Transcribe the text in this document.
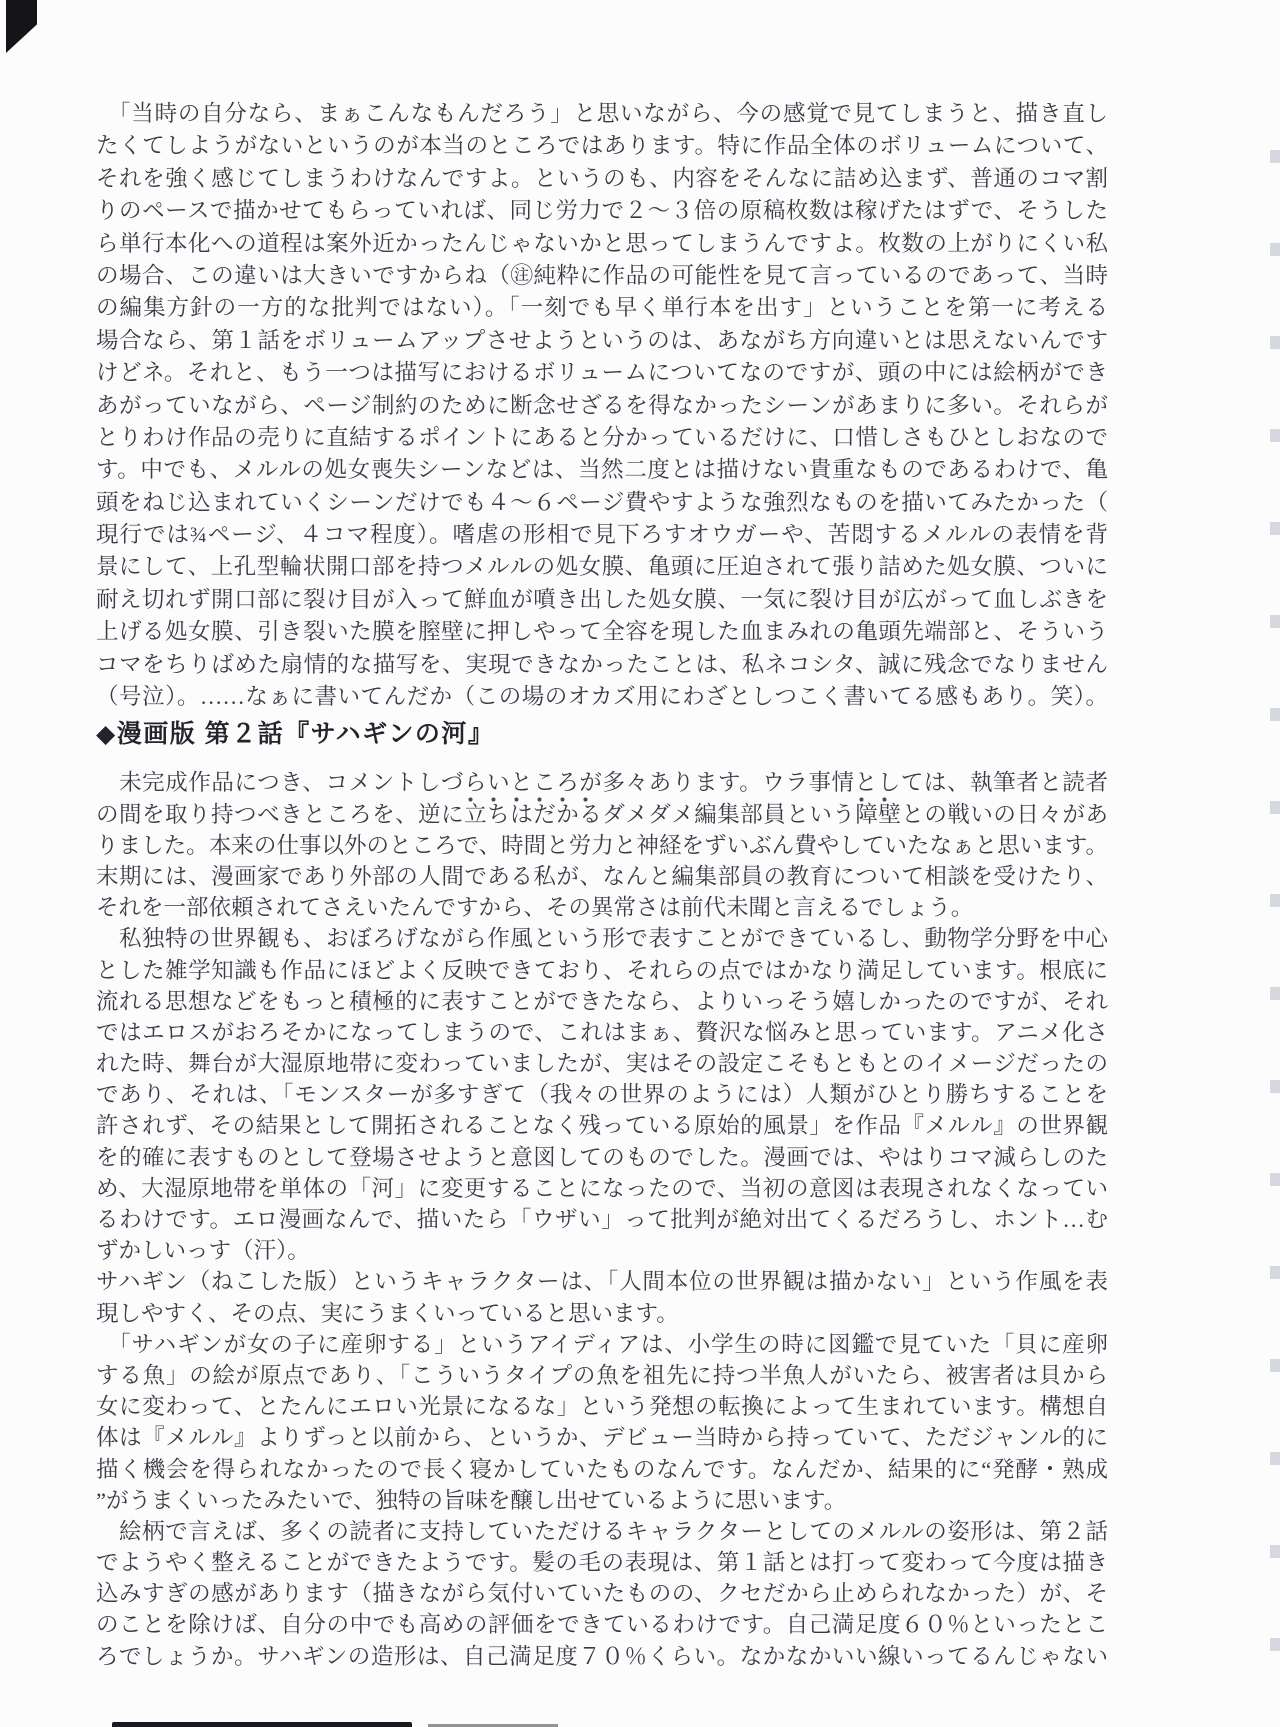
　「当時の自分なら、まぁこんなもんだろう」と思いながら、今の感覚で見てしまうと、描き直し
たくてしようがないというのが本当のところではあります。特に作品全体のボリュームについて、
それを強く感じてしまうわけなんですよ。というのも、内容をそんなに詰め込まず、普通のコマ割
りのペースで描かせてもらっていれば、同じ労力で２～３倍の原稿枚数は稼げたはずで、そうした
ら単行本化への道程は案外近かったんじゃないかと思ってしまうんですよ。枚数の上がりにくい私
の場合、この違いは大きいですからね（㊟純粋に作品の可能性を見て言っているのであって、当時
の編集方針の一方的な批判ではない）。「一刻でも早く単行本を出す」ということを第一に考える
場合なら、第１話をボリュームアップさせようというのは、あながち方向違いとは思えないんです
けどネ。それと、もう一つは描写におけるボリュームについてなのですが、頭の中には絵柄ができ
あがっていながら、ページ制約のために断念せざるを得なかったシーンがあまりに多い。それらが
とりわけ作品の売りに直結するポイントにあると分かっているだけに、口惜しさもひとしおなので
す。中でも、メルルの処女喪失シーンなどは、当然二度とは描けない貴重なものであるわけで、亀
頭をねじ込まれていくシーンだけでも４～６ページ費やすような強烈なものを描いてみたかった（
現行では¾ページ、４コマ程度）。嗜虐の形相で見下ろすオウガーや、苦悶するメルルの表情を背
景にして、上孔型輪状開口部を持つメルルの処女膜、亀頭に圧迫されて張り詰めた処女膜、ついに
耐え切れず開口部に裂け目が入って鮮血が噴き出した処女膜、一気に裂け目が広がって血しぶきを
上げる処女膜、引き裂いた膜を膣壁に押しやって全容を現した血まみれの亀頭先端部と、そういう
コマをちりばめた扇情的な描写を、実現できなかったことは、私ネコシタ、誠に残念でなりません
（号泣）。……なぁに書いてんだか（この場のオカズ用にわざとしつこく書いてる感もあり。笑）。
◆漫画版 第２話『サハギンの河』
　未完成作品につき、コメントしづらいところが多々あります。ウラ事情としては、執筆者と読者
の間を取り持つべきところを、逆に立ちはだかるダメダメ編集部員という障壁との戦いの日々があ
りました。本来の仕事以外のところで、時間と労力と神経をずいぶん費やしていたなぁと思います。
末期には、漫画家であり外部の人間である私が、なんと編集部員の教育について相談を受けたり、
それを一部依頼されてさえいたんですから、その異常さは前代未聞と言えるでしょう。
　私独特の世界観も、おぼろげながら作風という形で表すことができているし、動物学分野を中心
とした雑学知識も作品にほどよく反映できており、それらの点ではかなり満足しています。根底に
流れる思想などをもっと積極的に表すことができたなら、よりいっそう嬉しかったのですが、それ
ではエロスがおろそかになってしまうので、これはまぁ、贅沢な悩みと思っています。アニメ化さ
れた時、舞台が大湿原地帯に変わっていましたが、実はその設定こそもともとのイメージだったの
であり、それは、「モンスターが多すぎて（我々の世界のようには）人類がひとり勝ちすることを
許されず、その結果として開拓されることなく残っている原始的風景」を作品『メルル』の世界観
を的確に表すものとして登場させようと意図してのものでした。漫画では、やはりコマ減らしのた
め、大湿原地帯を単体の「河」に変更することになったので、当初の意図は表現されなくなってい
るわけです。エロ漫画なんで、描いたら「ウザい」って批判が絶対出てくるだろうし、ホント…む
ずかしいっす（汗）。
サハギン（ねこした版）というキャラクターは、「人間本位の世界観は描かない」という作風を表
現しやすく、その点、実にうまくいっていると思います。
　「サハギンが女の子に産卵する」というアイディアは、小学生の時に図鑑で見ていた「貝に産卵
する魚」の絵が原点であり、「こういうタイプの魚を祖先に持つ半魚人がいたら、被害者は貝から
女に変わって、とたんにエロい光景になるな」という発想の転換によって生まれています。構想自
体は『メルル』よりずっと以前から、というか、デビュー当時から持っていて、ただジャンル的に
描く機会を得られなかったので長く寝かしていたものなんです。なんだか、結果的に“発酵・熟成
”がうまくいったみたいで、独特の旨味を醸し出せているように思います。
　絵柄で言えば、多くの読者に支持していただけるキャラクターとしてのメルルの姿形は、第２話
でようやく整えることができたようです。髪の毛の表現は、第１話とは打って変わって今度は描き
込みすぎの感があります（描きながら気付いていたものの、クセだから止められなかった）が、そ
のことを除けば、自分の中でも高めの評価をできているわけです。自己満足度６０％といったとこ
ろでしょうか。サハギンの造形は、自己満足度７０％くらい。なかなかいい線いってるんじゃない
